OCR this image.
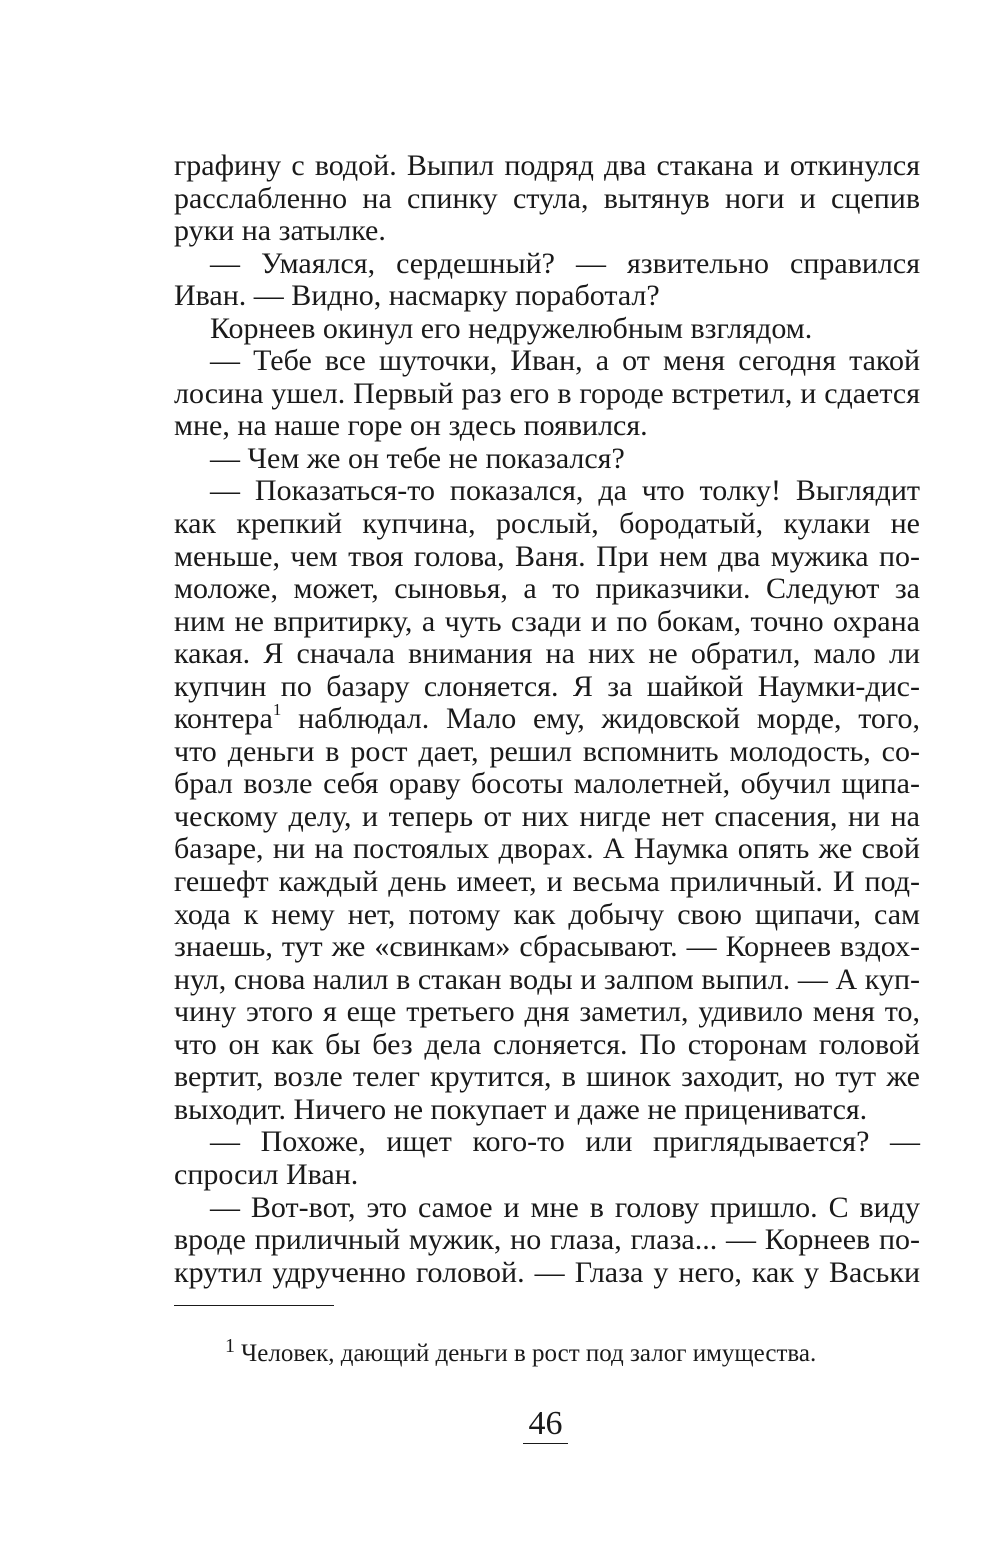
графину с водой. Выпил подряд два стакана и откинулся
расслабленно на спинку стула, вытянув ноги и сцепив
руки на затылке.
— Умаялся, сердешный? — язвительно справился
Иван. — Видно, насмарку поработал?
Корнеев окинул его недружелюбным взглядом.
— Тебе все шуточки, Иван, а от меня сегодня такой
лосина ушел. Первый раз его в городе встретил, и сдается
мне, на наше горе он здесь появился.
— Чем же он тебе не показался?
— Показаться-то показался, да что толку! Выглядит
как крепкий купчина, рослый, бородатый, кулаки не
меньше, чем твоя голова, Ваня. При нем два мужика по-
моложе, может, сыновья, а то приказчики. Следуют за
ним не впритирку, а чуть сзади и по бокам, точно охрана
какая. Я сначала внимания на них не обратил, мало ли
купчин по базару слоняется. Я за шайкой Наумки-дис-
контера$^1$ наблюдал. Мало ему, жидовской морде, того,
что деньги в рост дает, решил вспомнить молодость, со-
брал возле себя ораву босоты малолетней, обучил щипа-
ческому делу, и теперь от них нигде нет спасения, ни на
базаре, ни на постоялых дворах. А Наумка опять же свой
гешефт каждый день имеет, и весьма приличный. И под-
хода к нему нет, потому как добычу свою щипачи, сам
знаешь, тут же «свинкам» сбрасывают. — Корнеев вздох-
нул, снова налил в стакан воды и залпом выпил. — А куп-
чину этого я еще третьего дня заметил, удивило меня то,
что он как бы без дела слоняется. По сторонам головой
вертит, возле телег крутится, в шинок заходит, но тут же
выходит. Ничего не покупает и даже не прицениватся.
— Похоже, ищет кого-то или приглядывается? —
спросил Иван.
— Вот-вот, это самое и мне в голову пришло. С виду
вроде приличный мужик, но глаза, глаза... — Корнеев по-
крутил удрученно головой. — Глаза у него, как у Васьки
$^1$ Человек, дающий деньги в рост под залог имущества.
46
